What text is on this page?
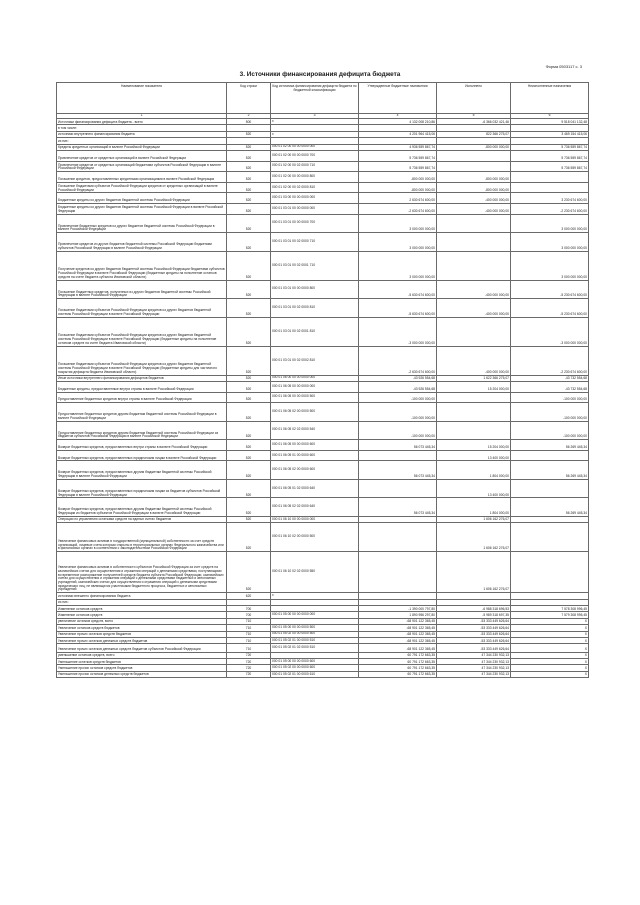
Форма 0503117 с. 3
3. Источники финансирования дефицита бюджета
Наименование показателя	Код строки	Код источника финансирования дефицита бюджета по бюджетной классификации	Утвержденные бюджетные назначения	Исполнено	Неисполненные назначения
1	2	3	4	5	6
Источники финансирования дефицита бюджета - всего	500	x	4 132 008 210,86	-6 366 032 421,46	9 518 041 132,48
в том числе:					
источники внутреннего финансирования бюджета	520	x	4 201 964 415,06	822 366 275,07	3 469 154 415,06
из них:					
Кредиты кредитных организаций в валюте Российской Федерации	520	000 01 02 00 00 00 0000 000	4 936 559 867,74	-800 000 000,00	5 736 559 867,74
Привлечение кредитов от кредитных организаций в валюте Российской Федерации	520	000 01 02 00 00 00 0000 700	5 736 559 867,74		5 736 559 867,74
Привлечение кредитов от кредитных организаций бюджетами субъектов Российской Федерации в валюте Российской Федерации	520	000 01 02 00 00 02 0000 710	5 736 559 867,74		5 736 559 867,74
Погашение кредитов, предоставленных кредитными организациями в валюте Российской Федерации	520	000 01 02 00 00 00 0000 800	-800 000 000,00	-800 000 000,00	
Погашение бюджетами субъектов Российской Федерации кредитов от кредитных организаций в валюте Российской Федерации	520	000 01 02 00 00 02 0000 810	-800 000 000,00	-800 000 000,00	
Бюджетные кредиты из других бюджетов бюджетной системы Российской Федерации	520	000 01 03 00 00 00 0000 000	2 630 674 600,00	-400 000 000,00	3 230 674 600,00
Бюджетные кредиты из других бюджетов бюджетной системы Российской Федерации в валюте Российской Федерации	520	000 01 03 01 00 00 0000 000	-2 630 674 600,00	-400 000 000,00	-2 230 674 600,00
Привлечение бюджетных кредитов из других бюджетов бюджетной системы Российской Федерации в валюте Российской Федерации	520	000 01 03 01 00 00 0000 700	3 000 000 000,00		3 000 000 000,00
Привлечение кредитов из других бюджетов бюджетной системы Российской Федерации бюджетами субъектов Российской Федерации в валюте Российской Федерации	520	000 01 03 01 00 02 0000 710	3 000 000 000,00		3 000 000 000,00
Получение кредитов из других бюджетов бюджетной системы Российской Федерации бюджетами субъектов Российской Федерации в валюте Российской Федерации (бюджетные кредиты на пополнение остатков средств на счете бюджета субъекта Ивановской области)	520	000 01 03 01 00 02 0001 710	3 000 000 000,00		3 000 000 000,00
Погашение бюджетных кредитов, полученных из других бюджетов бюджетной системы Российской Федерации в валюте Российской Федерации	520	000 01 03 01 00 00 0000 800	-5 630 674 600,00	-400 000 000,00	-5 230 674 600,00
Погашение бюджетами субъектов Российской Федерации кредитов из других бюджетов бюджетной системы Российской Федерации в валюте Российской Федерации	520	000 01 03 01 00 02 0000 810	-5 630 674 600,00	-400 000 000,00	-5 230 674 600,00
Погашение бюджетами субъектов Российской Федерации кредитов из других бюджетов бюджетной системы Российской Федерации в валюте Российской Федерации (бюджетные кредиты на пополнение остатков средств на счете бюджета Ивановской области)	520	000 01 03 01 00 02 0001 810	-3 000 000 000,00		-3 000 000 000,00
Погашение бюджетами субъектов Российской Федерации кредитов из других бюджетов бюджетной системы Российской Федерации в валюте Российской Федерации (бюджетные кредиты для частичного покрытия дефицита бюджета Ивановской области)	520	000 01 03 01 00 02 0002 810	-2 630 674 600,00	-400 000 000,00	-2 230 674 600,00
Иные источники внутреннего финансирования дефицитов бюджетов	520	000 01 06 00 00 00 0000 000	-43 926 554,68	1 622 366 275,07	-43 732 554,68
Бюджетные кредиты, предоставленные внутри страны в валюте Российской Федерации	520	000 01 06 05 00 00 0000 000	-43 926 554,68	15 204 000,00	-43 732 554,68
Предоставление бюджетных кредитов внутри страны в валюте Российской Федерации	520	000 01 06 05 00 00 0000 500	-100 000 000,00		-100 000 000,00
Предоставление бюджетных кредитов другим бюджетам бюджетной системы Российской Федерации в валюте Российской Федерации	520	000 01 06 05 02 00 0000 500	-100 000 000,00		-100 000 000,00
Предоставление бюджетных кредитов другим бюджетам бюджетной системы Российской Федерации из бюджетов субъектов Российской Федерации в валюте Российской Федерации	520	000 01 06 05 02 02 0000 540	-100 000 000,00		-100 000 000,00
Возврат бюджетных кредитов, предоставленных внутри страны в валюте Российской Федерации	520	000 01 06 05 00 00 0000 600	56 073 445,34	15 204 000,00	56 269 445,34
Возврат бюджетных кредитов, предоставленных юридическим лицам в валюте Российской Федерации	520	000 01 06 05 01 00 0000 600		13 400 000,00	
Возврат бюджетных кредитов, предоставленных другим бюджетам бюджетной системы Российской Федерации в валюте Российской Федерации	520	000 01 06 05 02 00 0000 600	56 073 445,34	1 804 000,00	56 269 445,34
Возврат бюджетных кредитов, предоставленных юридическим лицам из бюджетов субъектов Российской Федерации в валюте Российской Федерации	520	000 01 06 05 01 02 0000 640		13 400 000,00	
Возврат бюджетных кредитов, предоставленных другим бюджетам бюджетной системы Российской Федерации из бюджетов субъектов Российской Федерации в валюте Российской Федерации	520	000 01 06 05 02 02 0000 640	56 073 445,34	1 804 000,00	56 269 445,34
Операции по управлению остатками средств на единых счетах бюджетов	520	000 01 06 10 00 00 0000 000		1 606 162 276,07	
Увеличение финансовых активов в государственной (муниципальной) собственности за счет средств организаций, лицевые счета которым открыты в территориальных органах Федерального казначейства или в финансовых органах в соответствии с законодательством Российской Федерации	520	000 01 06 10 02 00 0000 500		1 606 162 276,07	
Увеличение финансовых активов в собственности субъектов Российской Федерации за счет средств на казначейских счетах для осуществления и отражения операций с денежными средствами, поступающими во временное распоряжение получателей средств бюджета субъекта Российской Федерации, казначейских счетах для осуществления и отражения операций с денежными средствами бюджетных и автономных учреждений, казначейских счетах для осуществления и отражения операций с денежными средствами юридических лиц, не являющихся участниками бюджетного процесса, бюджетных и автономных учреждений	520	000 01 06 10 02 02 0000 550		1 606 162 276,07	
источники внешнего финансирования бюджета	620	x			
из них:					
Изменение остатков средств	700		-1 390 000 797,80	-6 988 318 696,53	7 578 308 996,45
Изменение остатков средств	700	000 01 05 00 00 00 0000 000	1 890 956 297,80	-5 989 318 697,35	7 579 308 995,45
увеличение остатков средств, всего	710		-68 901 122 365,45	-53 333 449 626,64	X
Увеличение остатков средств бюджетов	710	000 01 05 00 00 00 0000 500	-68 901 122 365,45	-53 333 449 626,64	X
Увеличение прочих остатков средств бюджетов	710	000 01 05 02 00 00 0000 500	-68 901 122 365,45	-53 333 449 626,64	X
Увеличение прочих остатков денежных средств бюджетов	710	000 01 05 02 01 00 0000 510	-68 901 122 365,45	-53 333 449 626,64	X
Увеличение прочих остатков денежных средств бюджетов субъектов Российской Федерации	710	000 01 05 02 01 02 0000 510	-68 901 122 365,45	-53 333 449 626,64	X
уменьшение остатков средств, всего	720		60 791 172 663,35	47 344 230 932,13	X
Уменьшение остатков средств бюджетов	720	000 01 05 00 00 00 0000 600	60 791 172 663,35	47 344 230 932,13	X
Уменьшение прочих остатков средств бюджетов	720	000 01 05 02 00 00 0000 600	60 791 172 663,35	47 344 230 932,13	X
Уменьшение прочих остатков денежных средств бюджетов	720	000 01 05 02 01 00 0000 610	60 791 172 663,35	47 344 230 932,13	X
